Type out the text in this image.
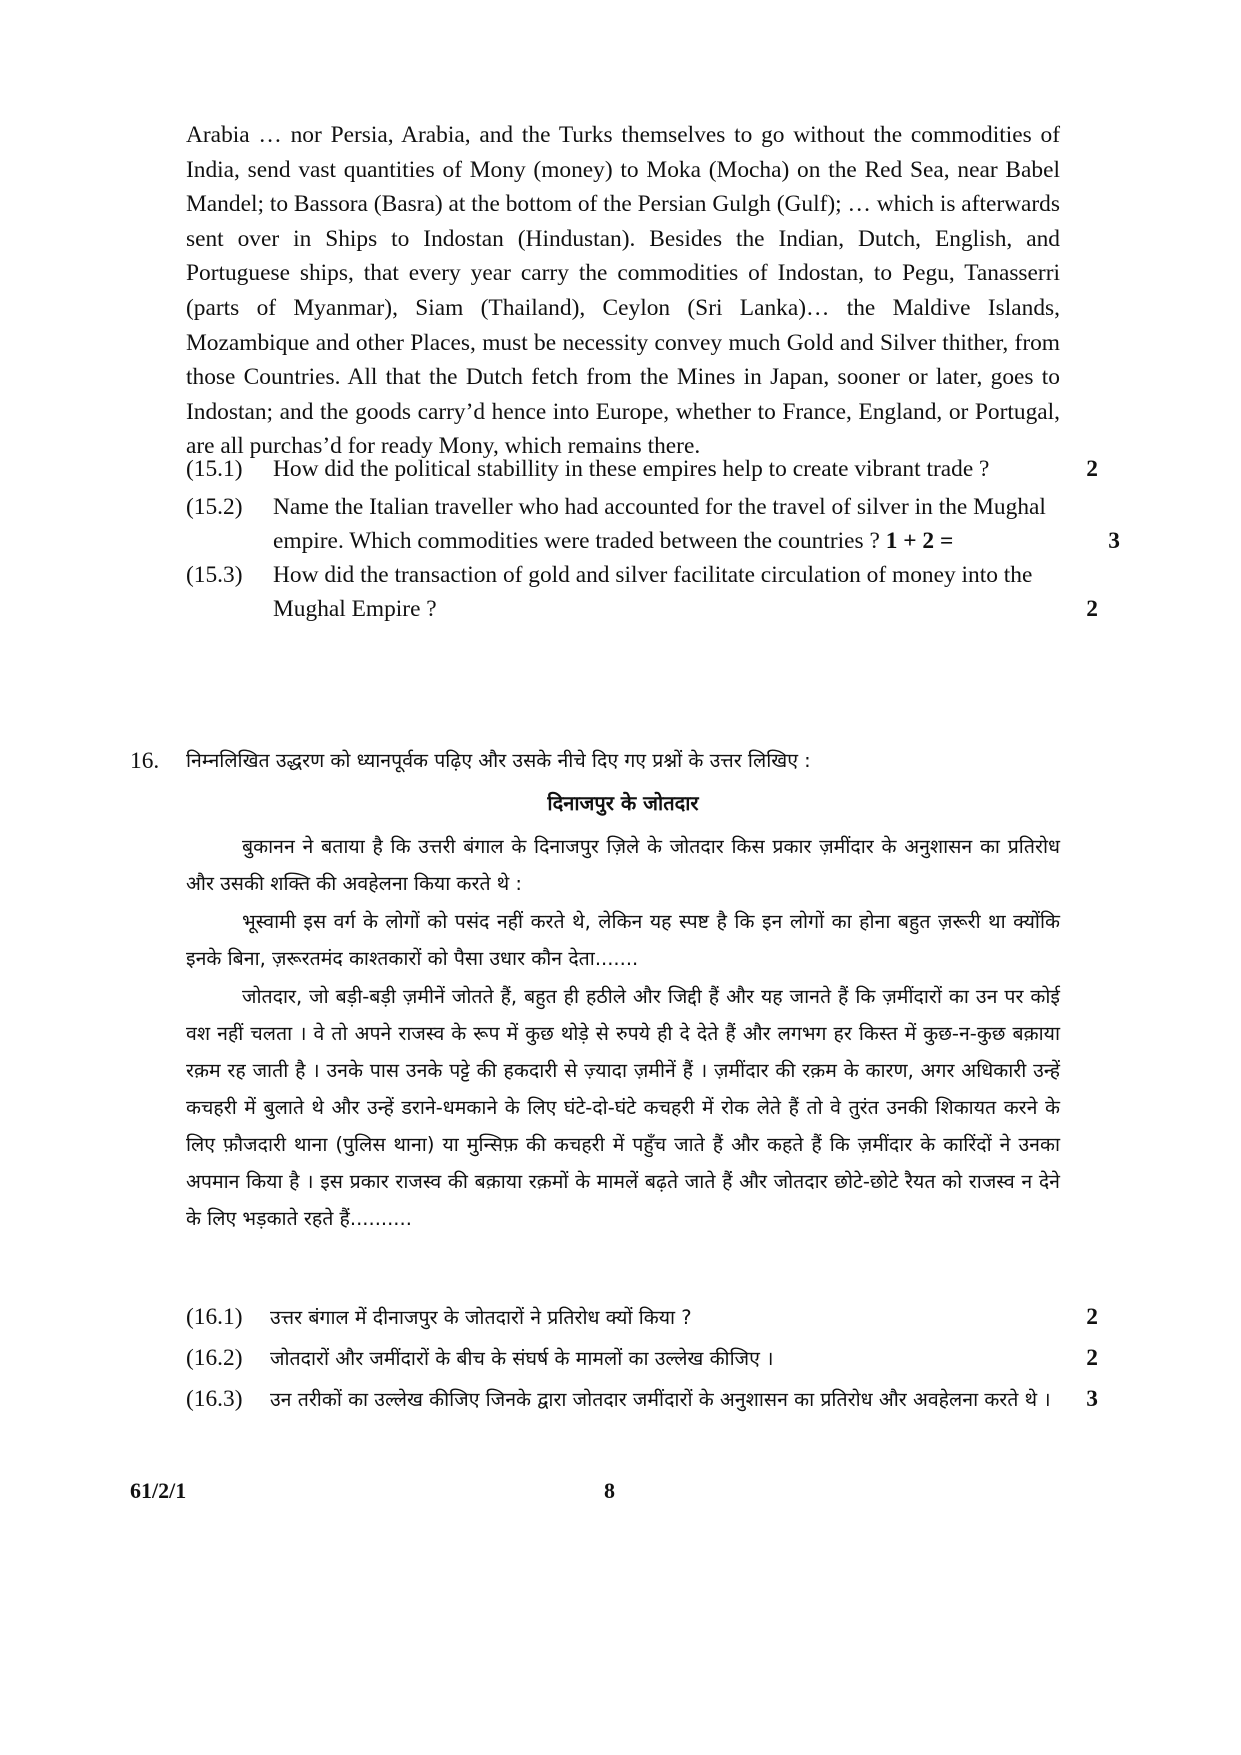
Arabia … nor Persia, Arabia, and the Turks themselves to go without the commodities of India, send vast quantities of Mony (money) to Moka (Mocha) on the Red Sea, near Babel Mandel; to Bassora (Basra) at the bottom of the Persian Gulgh (Gulf); … which is afterwards sent over in Ships to Indostan (Hindustan). Besides the Indian, Dutch, English, and Portuguese ships, that every year carry the commodities of Indostan, to Pegu, Tanasserri (parts of Myanmar), Siam (Thailand), Ceylon (Sri Lanka)… the Maldive Islands, Mozambique and other Places, must be necessity convey much Gold and Silver thither, from those Countries. All that the Dutch fetch from the Mines in Japan, sooner or later, goes to Indostan; and the goods carry’d hence into Europe, whether to France, England, or Portugal, are all purchas’d for ready Mony, which remains there.

(15.1)	How did the political stabillity in these empires help to create vibrant trade ?	2
(15.2)	Name the Italian traveller who had accounted for the travel of silver in the Mughal empire. Which commodities were traded between the countries ? 1 + 2 =	3
(15.3)	How did the transaction of gold and silver facilitate circulation of money into the Mughal Empire ?	2
16. निम्नलिखित उद्धरण को ध्यानपूर्वक पढ़िए और उसके नीचे दिए गए प्रश्नों के उत्तर लिखिए :
दिनाजपुर के जोतदार

बुकानन ने बताया है कि उत्तरी बंगाल के दिनाजपुर ज़िले के जोतदार किस प्रकार ज़मींदार के अनुशासन का प्रतिरोध और उसकी शक्ति की अवहेलना किया करते थे :

भूस्वामी इस वर्ग के लोगों को पसंद नहीं करते थे, लेकिन यह स्पष्ट है कि इन लोगों का होना बहुत ज़रूरी था क्योंकि इनके बिना, ज़रूरतमंद काश्तकारों को पैसा उधार कौन देता.......

जोतदार, जो बड़ी-बड़ी ज़मीनें जोतते हैं, बहुत ही हठीले और जिद्दी हैं और यह जानते हैं कि ज़मींदारों का उन पर कोई वश नहीं चलता । वे तो अपने राजस्व के रूप में कुछ थोड़े से रुपये ही दे देते हैं और लगभग हर किस्त में कुछ-न-कुछ बक़ाया रक़म रह जाती है । उनके पास उनके पट्टे की हकदारी से ज़्यादा ज़मीनें हैं । ज़मींदार की रक़म के कारण, अगर अधिकारी उन्हें कचहरी में बुलाते थे और उन्हें डराने-धमकाने के लिए घंटे-दो-घंटे कचहरी में रोक लेते हैं तो वे तुरंत उनकी शिकायत करने के लिए फ़ौजदारी थाना (पुलिस थाना) या मुन्सिफ़ की कचहरी में पहुँच जाते हैं और कहते हैं कि ज़मींदार के कारिंदों ने उनका अपमान किया है । इस प्रकार राजस्व की बक़ाया रक़मों के मामलें बढ़ते जाते हैं और जोतदार छोटे-छोटे रैयत को राजस्व न देने के लिए भड़काते रहते हैं..........

(16.1) उत्तर बंगाल में दीनाजपुर के जोतदारों ने प्रतिरोध क्यों किया ?	2
(16.2) जोतदारों और जमींदारों के बीच के संघर्ष के मामलों का उल्लेख कीजिए ।	2
(16.3) उन तरीकों का उल्लेख कीजिए जिनके द्वारा जोतदार जमींदारों के अनुशासन का प्रतिरोध और अवहेलना करते थे ।	3
61/2/1	8
